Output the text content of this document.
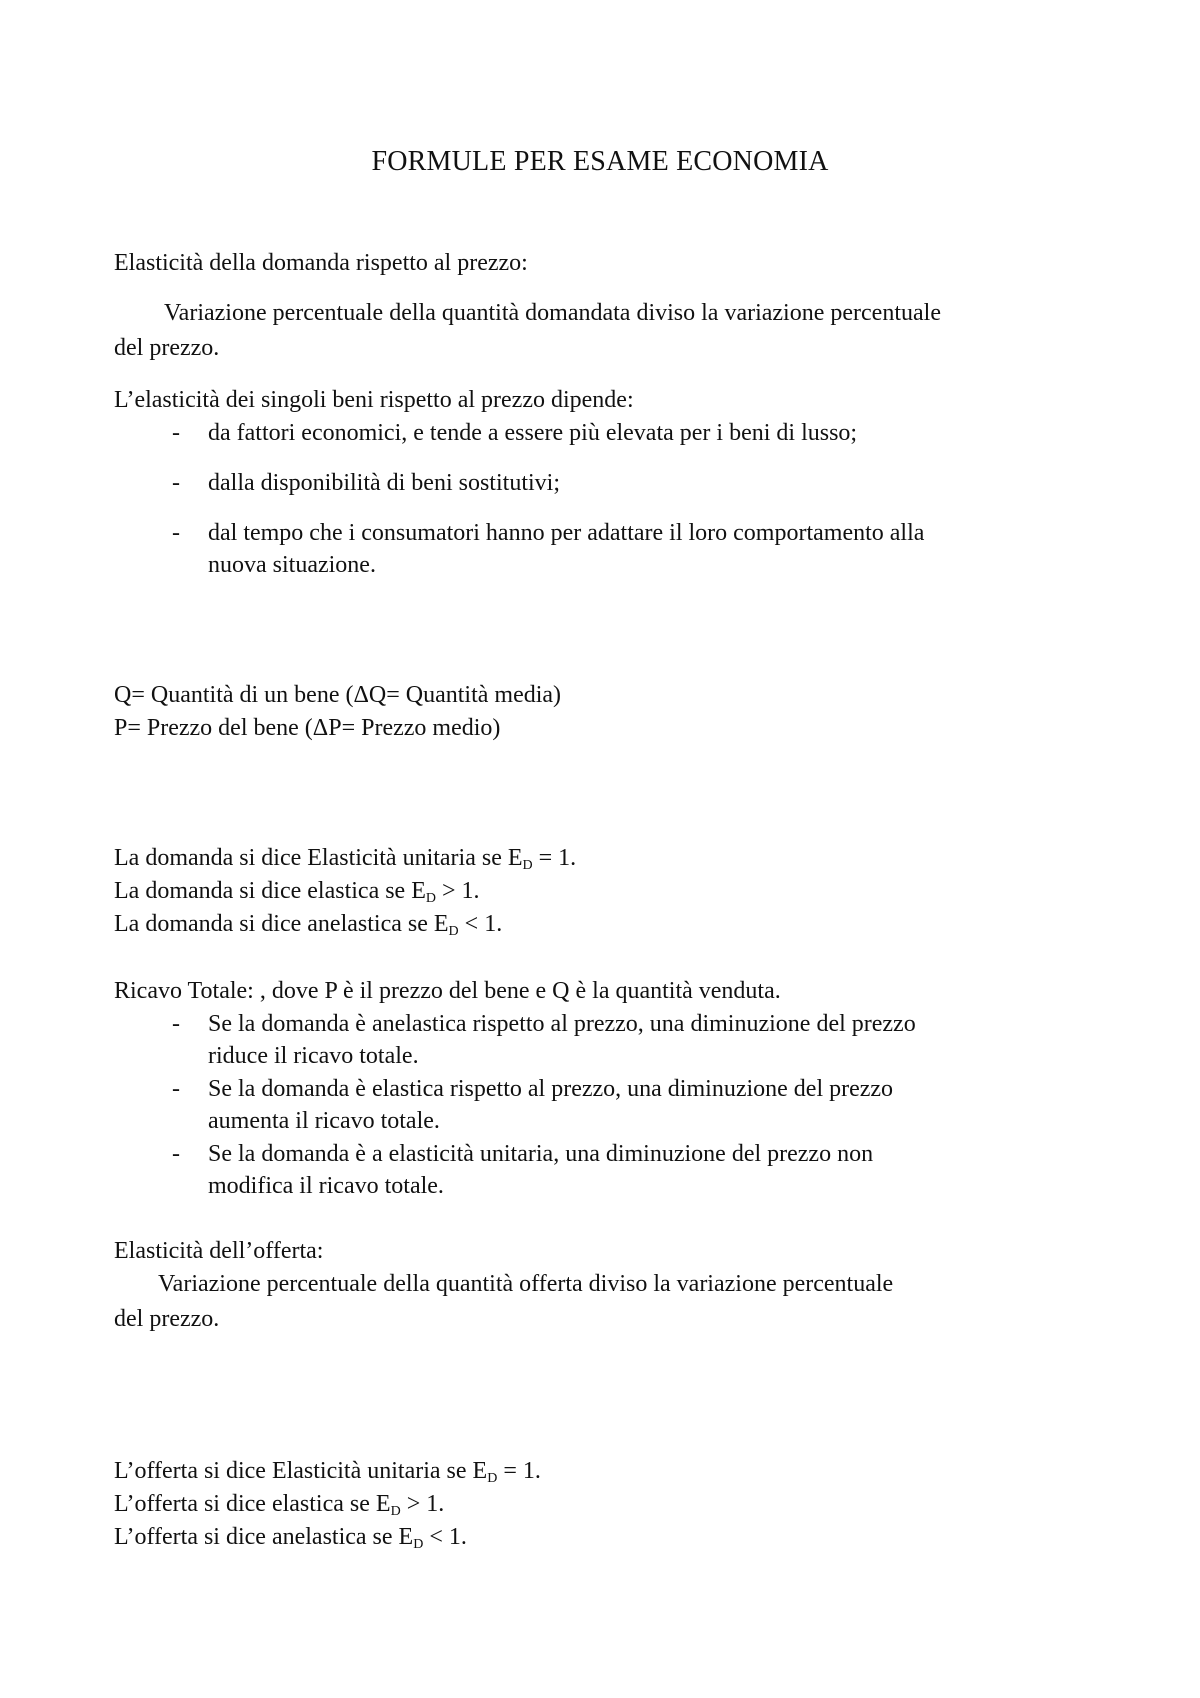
FORMULE PER ESAME ECONOMIA
Elasticità della domanda rispetto al prezzo:
Variazione percentuale della quantità domandata diviso la variazione percentuale
del prezzo.
L’elasticità dei singoli beni rispetto al prezzo dipende:
- da fattori economici, e tende a essere più elevata per i beni di lusso;
- dalla disponibilità di beni sostitutivi;
- dal tempo che i consumatori hanno per adattare il loro comportamento alla
nuova situazione.
Q= Quantità di un bene (ΔQ= Quantità media)
P= Prezzo del bene (ΔP= Prezzo medio)
La domanda si dice Elasticità unitaria se $E_D = 1$.
La domanda si dice elastica se $E_D > 1$.
La domanda si dice anelastica se $E_D < 1$.
Ricavo Totale: , dove P è il prezzo del bene e Q è la quantità venduta.
- Se la domanda è anelastica rispetto al prezzo, una diminuzione del prezzo
riduce il ricavo totale.
- Se la domanda è elastica rispetto al prezzo, una diminuzione del prezzo
aumenta il ricavo totale.
- Se la domanda è a elasticità unitaria, una diminuzione del prezzo non
modifica il ricavo totale.
Elasticità dell’offerta:
Variazione percentuale della quantità offerta diviso la variazione percentuale
del prezzo.
L’offerta si dice Elasticità unitaria se $E_D = 1$.
L’offerta si dice elastica se $E_D > 1$.
L’offerta si dice anelastica se $E_D < 1$.
